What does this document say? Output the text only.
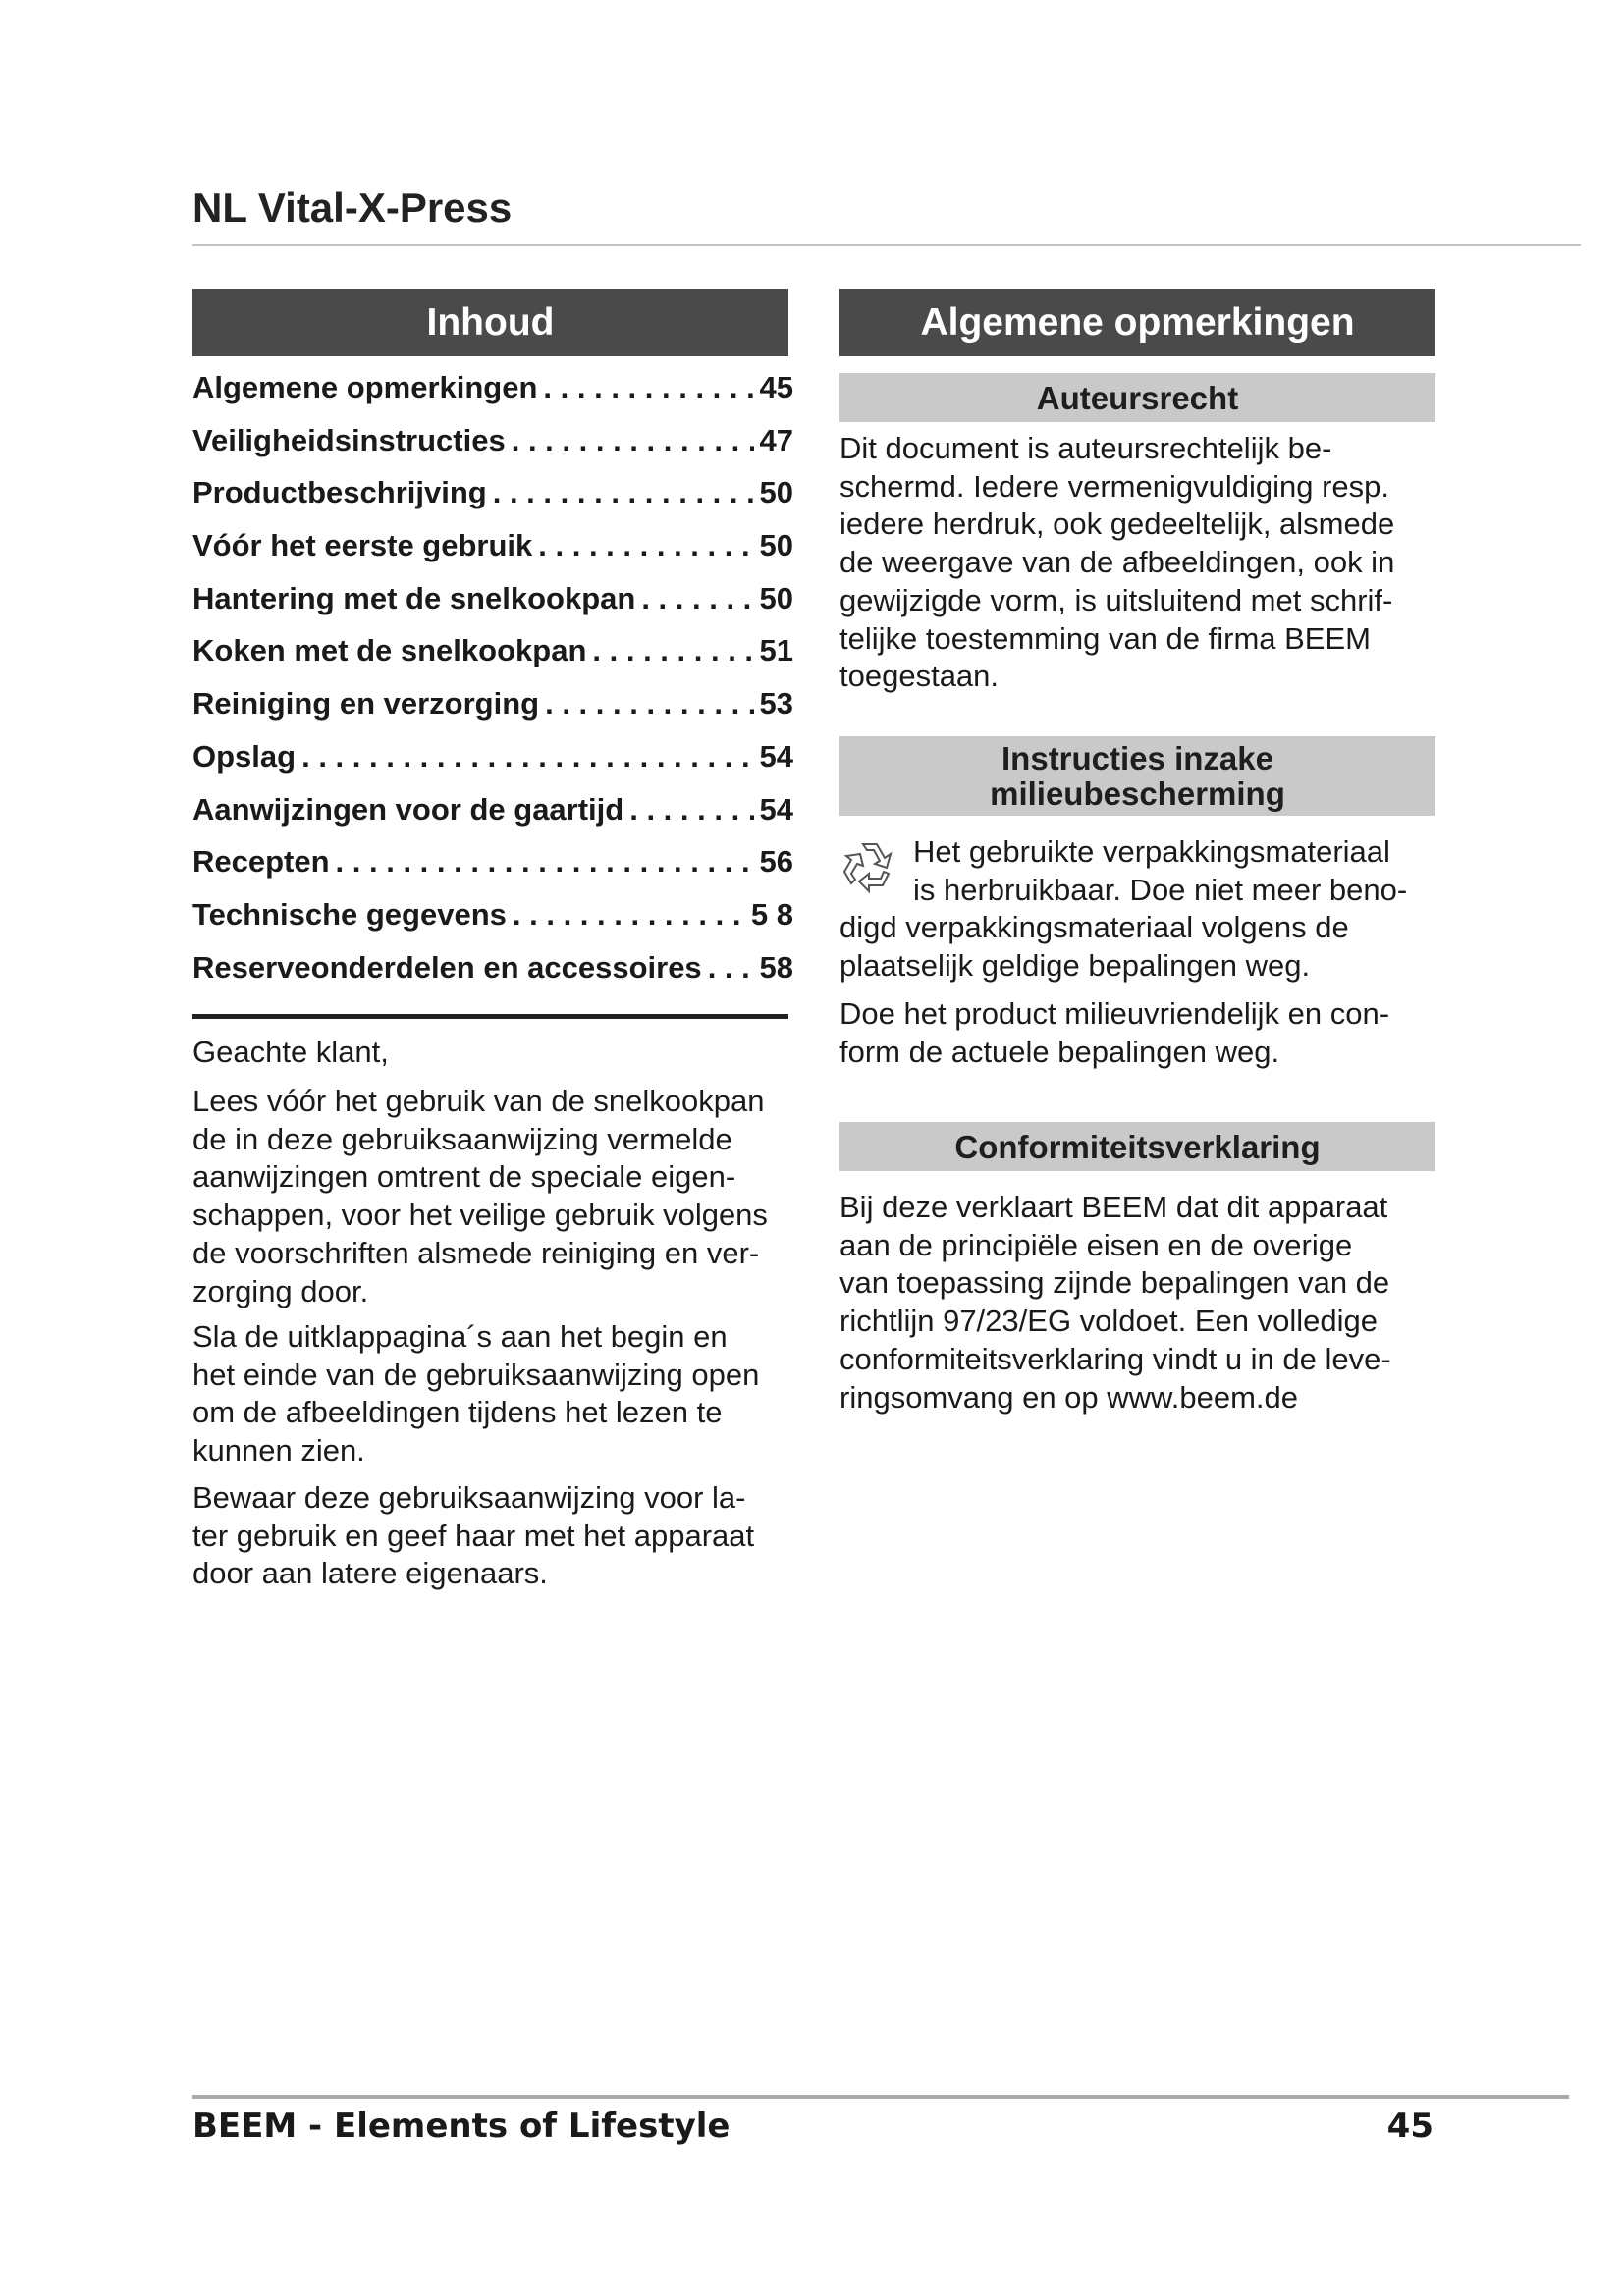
NL Vital-X-Press
Inhoud
Algemene opmerkingen . . .	45
Veiligheidsinstructies . . .	47
Productbeschrijving . . .	50
Vóór het eerste gebruik . . .	50
Hantering met de snelkookpan . . .	50
Koken met de snelkookpan . . .	51
Reiniging en verzorging . . .	53
Opslag . . .	54
Aanwijzingen voor de gaartijd . . .	54
Recepten . . .	56
Technische gegevens . . .	5 8
Reserveonderdelen en accessoires . . . 58
Geachte klant,
Lees vóór het gebruik van de snelkookpan
de in deze gebruiksaanwijzing vermelde
aanwijzingen omtrent de speciale eigen-
schappen, voor het veilige gebruik volgens
de voorschriften alsmede reiniging en ver-
zorging door.
Sla de uitklappagina´s aan het begin en
het einde van de gebruiksaanwijzing open
om de afbeeldingen tijdens het lezen te
kunnen zien.
Bewaar deze gebruiksaanwijzing voor la-
ter gebruik en geef haar met het apparaat
door aan latere eigenaars.
Algemene opmerkingen
Auteursrecht
Dit document is auteursrechtelijk be-
schermd. Iedere vermenigvuldiging resp.
iedere herdruk, ook gedeeltelijk, alsmede
de weergave van de afbeeldingen, ook in
gewijzigde vorm, is uitsluitend met schrif-
telijke toestemming van de firma BEEM
toegestaan.
Instructies inzake
milieubescherming
Het gebruikte verpakkingsmateriaal
is herbruikbaar. Doe niet meer beno-
digd verpakkingsmateriaal volgens de
plaatselijk geldige bepalingen weg.
Doe het product milieuvriendelijk en con-
form de actuele bepalingen weg.
Conformiteitsverklaring
Bij deze verklaart BEEM dat dit apparaat
aan de principiële eisen en de overige
van toepassing zijnde bepalingen van de
richtlijn 97/23/EG voldoet. Een volledige
conformiteitsverklaring vindt u in de leve-
ringsomvang en op www.beem.de
BEEM - Elements of Lifestyle	45
